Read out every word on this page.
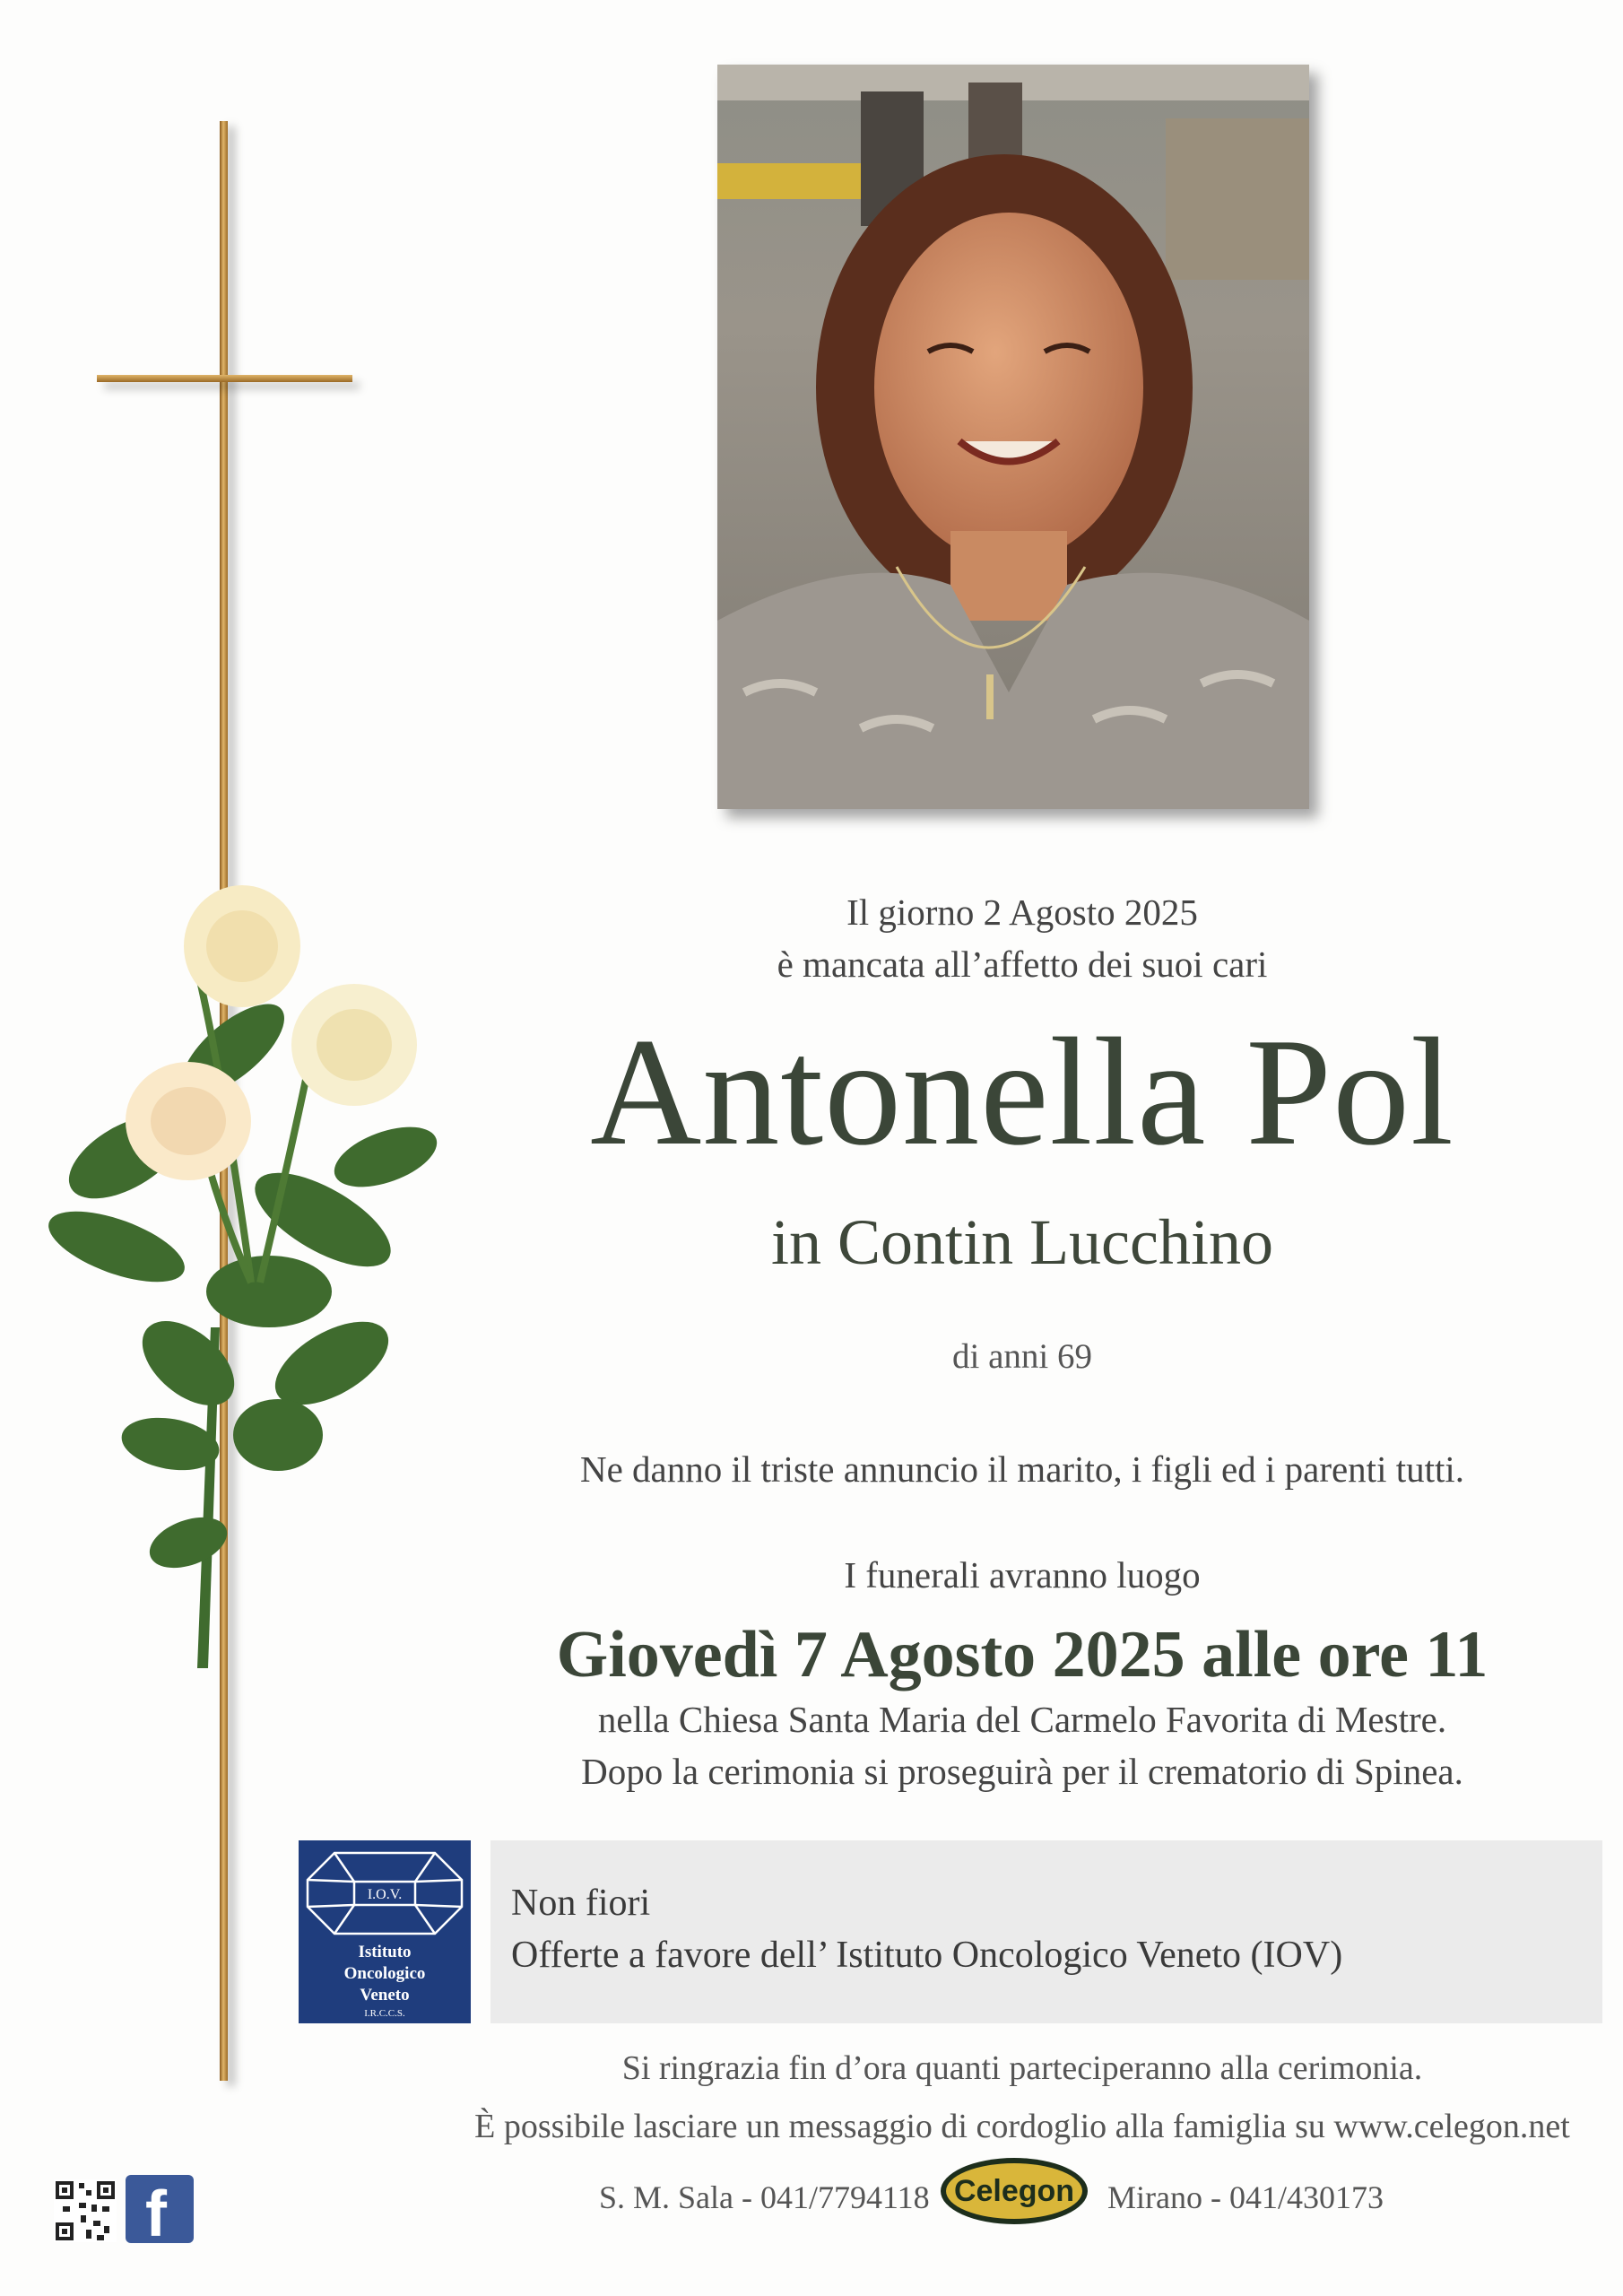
Il giorno 2 Agosto 2025
è mancata all’affetto dei suoi cari
Antonella Pol
in Contin Lucchino
di anni 69
Ne danno il triste annuncio il marito, i figli ed i parenti tutti.
I funerali avranno luogo
Giovedì 7 Agosto 2025 alle ore 11
nella Chiesa Santa Maria del Carmelo Favorita di Mestre.
Dopo la cerimonia si proseguirà per il crematorio di Spinea.
I.O.V.
Istituto
Oncologico
Veneto
I.R.C.C.S.
Non fiori
Offerte a favore dell’ Istituto Oncologico Veneto (IOV)
Si ringrazia fin d’ora quanti parteciperanno alla cerimonia.
È possibile lasciare un messaggio di cordoglio alla famiglia su www.celegon.net
S. M. Sala - 041/7794118 Celegon Mirano - 041/430173
f
